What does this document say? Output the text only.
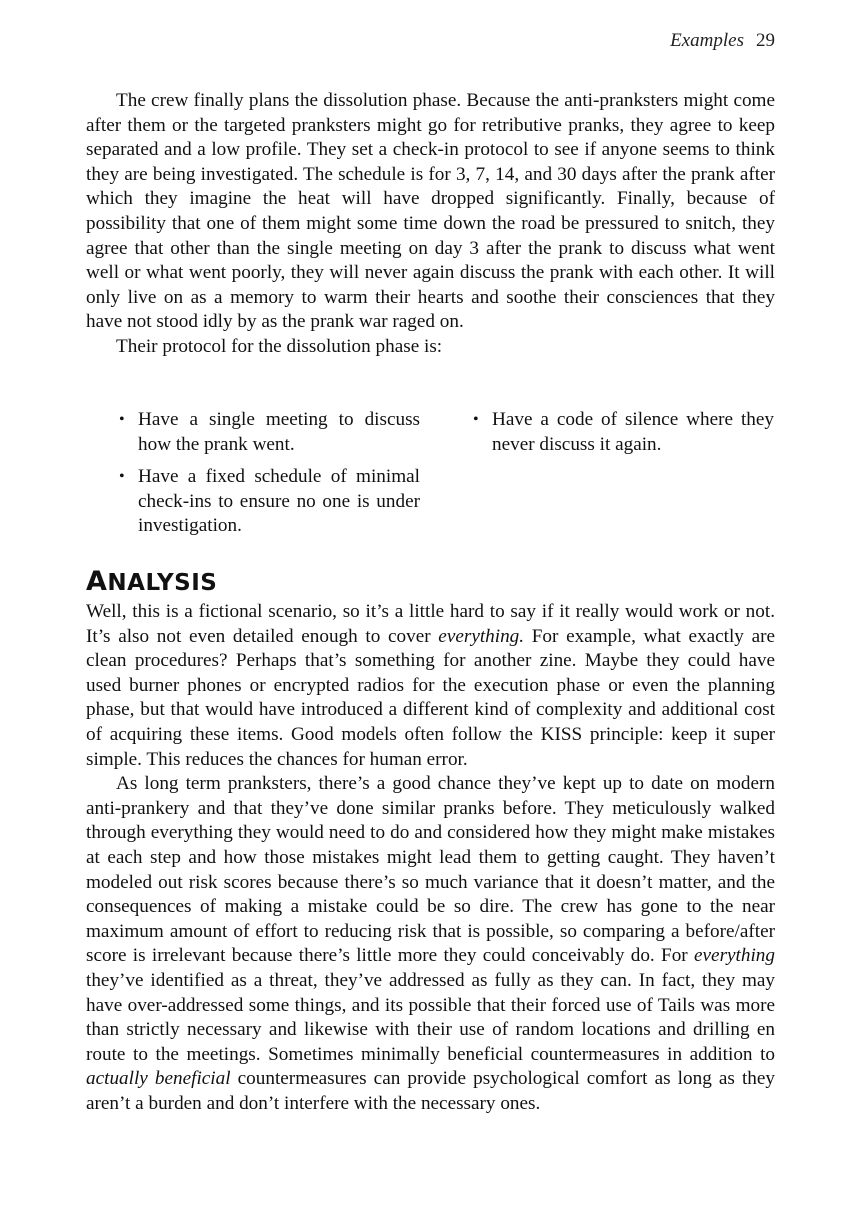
Examples 29

The crew finally plans the dissolution phase. Because the anti-pranksters might come after them or the targeted pranksters might go for retributive pranks, they agree to keep separated and a low profile. They set a check-in protocol to see if anyone seems to think they are being investigated. The schedule is for 3, 7, 14, and 30 days after the prank after which they imagine the heat will have dropped significantly. Finally, because of possibility that one of them might some time down the road be pressured to snitch, they agree that other than the single meeting on day 3 after the prank to discuss what went well or what went poorly, they will never again discuss the prank with each other. It will only live on as a memory to warm their hearts and soothe their consciences that they have not stood idly by as the prank war raged on.

Their protocol for the dissolution phase is:

• Have a single meeting to discuss how the prank went.
• Have a fixed schedule of minimal check-ins to ensure no one is under investigation.
• Have a code of silence where they never discuss it again.
ANALYSIS

Well, this is a fictional scenario, so it’s a little hard to say if it really would work or not. It’s also not even detailed enough to cover everything. For example, what exactly are clean procedures? Perhaps that’s something for another zine. Maybe they could have used burner phones or encrypted radios for the execution phase or even the planning phase, but that would have introduced a different kind of complexity and additional cost of acquiring these items. Good models often follow the KISS principle: keep it super simple. This reduces the chances for human error.

As long term pranksters, there’s a good chance they’ve kept up to date on modern anti-prankery and that they’ve done similar pranks before. They meticulously walked through everything they would need to do and considered how they might make mistakes at each step and how those mistakes might lead them to getting caught. They haven’t modeled out risk scores because there’s so much variance that it doesn’t matter, and the consequences of making a mistake could be so dire. The crew has gone to the near maximum amount of effort to reducing risk that is possible, so comparing a before/after score is irrelevant because there’s little more they could conceivably do. For everything they’ve identified as a threat, they’ve addressed as fully as they can. In fact, they may have over-addressed some things, and its possible that their forced use of Tails was more than strictly necessary and likewise with their use of random locations and drilling en route to the meetings. Sometimes minimally beneficial countermeasures in addition to actually beneficial countermeasures can provide psychological comfort as long as they aren’t a burden and don’t interfere with the necessary ones.
